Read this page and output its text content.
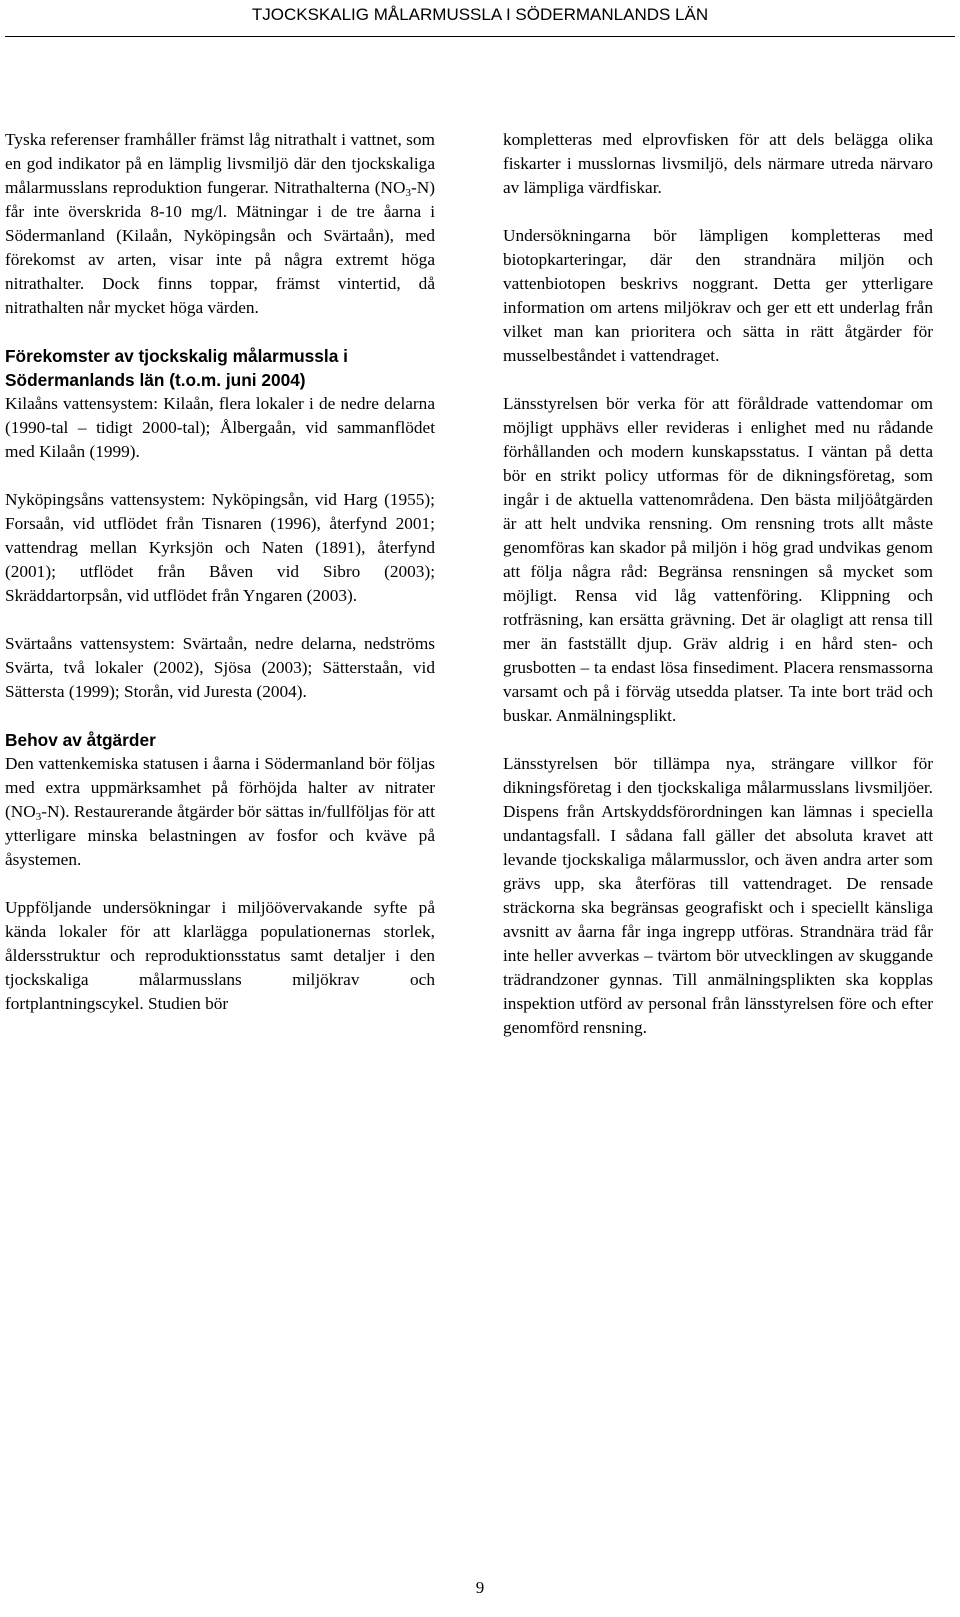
TJOCKSKALIG MÅLARMUSSLA I SÖDERMANLANDS LÄN

Tyska referenser framhåller främst låg nitrathalt i vattnet, som en god indikator på en lämplig livsmiljö där den tjockskaliga målarmusslans reproduktion fungerar. Nitrathalterna $(NO_3-N)$ får inte överskrida 8-10 mg/l. Mätningar i de tre åarna i Södermanland (Kilaån, Nyköpingsån och Svärtaån), med förekomst av arten, visar inte på några extremt höga nitrathalter. Dock finns toppar, främst vintertid, då nitrathalten når mycket höga värden.

Förekomster av tjockskalig målarmussla i Södermanlands län (t.o.m. juni 2004)

Kilaåns vattensystem: Kilaån, flera lokaler i de nedre delarna (1990-tal – tidigt 2000-tal); Ålbergaån, vid sammanflödet med Kilaån (1999).

Nyköpingsåns vattensystem: Nyköpingsån, vid Harg (1955); Forsaån, vid utflödet från Tisnaren (1996), återfynd 2001; vattendrag mellan Kyrksjön och Naten (1891), återfynd (2001); utflödet från Båven vid Sibro (2003); Skräddartorpsån, vid utflödet från Yngaren (2003).

Svärtaåns vattensystem: Svärtaån, nedre delarna, nedströms Svärta, två lokaler (2002), Sjösa (2003); Sätterstaån, vid Sättersta (1999); Storån, vid Juresta (2004).

Behov av åtgärder

Den vattenkemiska statusen i åarna i Södermanland bör följas med extra uppmärksamhet på förhöjda halter av nitrater $(NO_3-N)$. Restaurerande åtgärder bör sättas in/fullföljas för att ytterligare minska belastningen av fosfor och kväve på åsystemen.

Uppföljande undersökningar i miljöövervakande syfte på kända lokaler för att klarlägga populationernas storlek, åldersstruktur och reproduktionsstatus samt detaljer i den tjockskaliga målarmusslans miljökrav och fortplantningscykel. Studien bör

kompletteras med elprovfisken för att dels belägga olika fiskarter i musslornas livsmiljö, dels närmare utreda närvaro av lämpliga värdfiskar.

Undersökningarna bör lämpligen kompletteras med biotopkarteringar, där den strandnära miljön och vattenbiotopen beskrivs noggrant. Detta ger ytterligare information om artens miljökrav och ger ett ett underlag från vilket man kan prioritera och sätta in rätt åtgärder för musselbeståndet i vattendraget.

Länsstyrelsen bör verka för att föråldrade vattendomar om möjligt upphävs eller revideras i enlighet med nu rådande förhållanden och modern kunskapsstatus. I väntan på detta bör en strikt policy utformas för de dikningsföretag, som ingår i de aktuella vattenområdena. Den bästa miljöåtgärden är att helt undvika rensning. Om rensning trots allt måste genomföras kan skador på miljön i hög grad undvikas genom att följa några råd: Begränsa rensningen så mycket som möjligt. Rensa vid låg vattenföring. Klippning och rotfräsning, kan ersätta grävning. Det är olagligt att rensa till mer än fastställt djup. Gräv aldrig i en hård sten- och grusbotten – ta endast lösa finsediment. Placera rensmassorna varsamt och på i förväg utsedda platser. Ta inte bort träd och buskar. Anmälningsplikt.

Länsstyrelsen bör tillämpa nya, strängare villkor för dikningsföretag i den tjockskaliga målarmusslans livsmiljöer. Dispens från Artskyddsförordningen kan lämnas i speciella undantagsfall. I sådana fall gäller det absoluta kravet att levande tjockskaliga målarmusslor, och även andra arter som grävs upp, ska återföras till vattendraget. De rensade sträckorna ska begränsas geografiskt och i speciellt känsliga avsnitt av åarna får inga ingrepp utföras. Strandnära träd får inte heller avverkas – tvärtom bör utvecklingen av skuggande trädrandzoner gynnas. Till anmälningsplikten ska kopplas inspektion utförd av personal från länsstyrelsen före och efter genomförd rensning.

9
